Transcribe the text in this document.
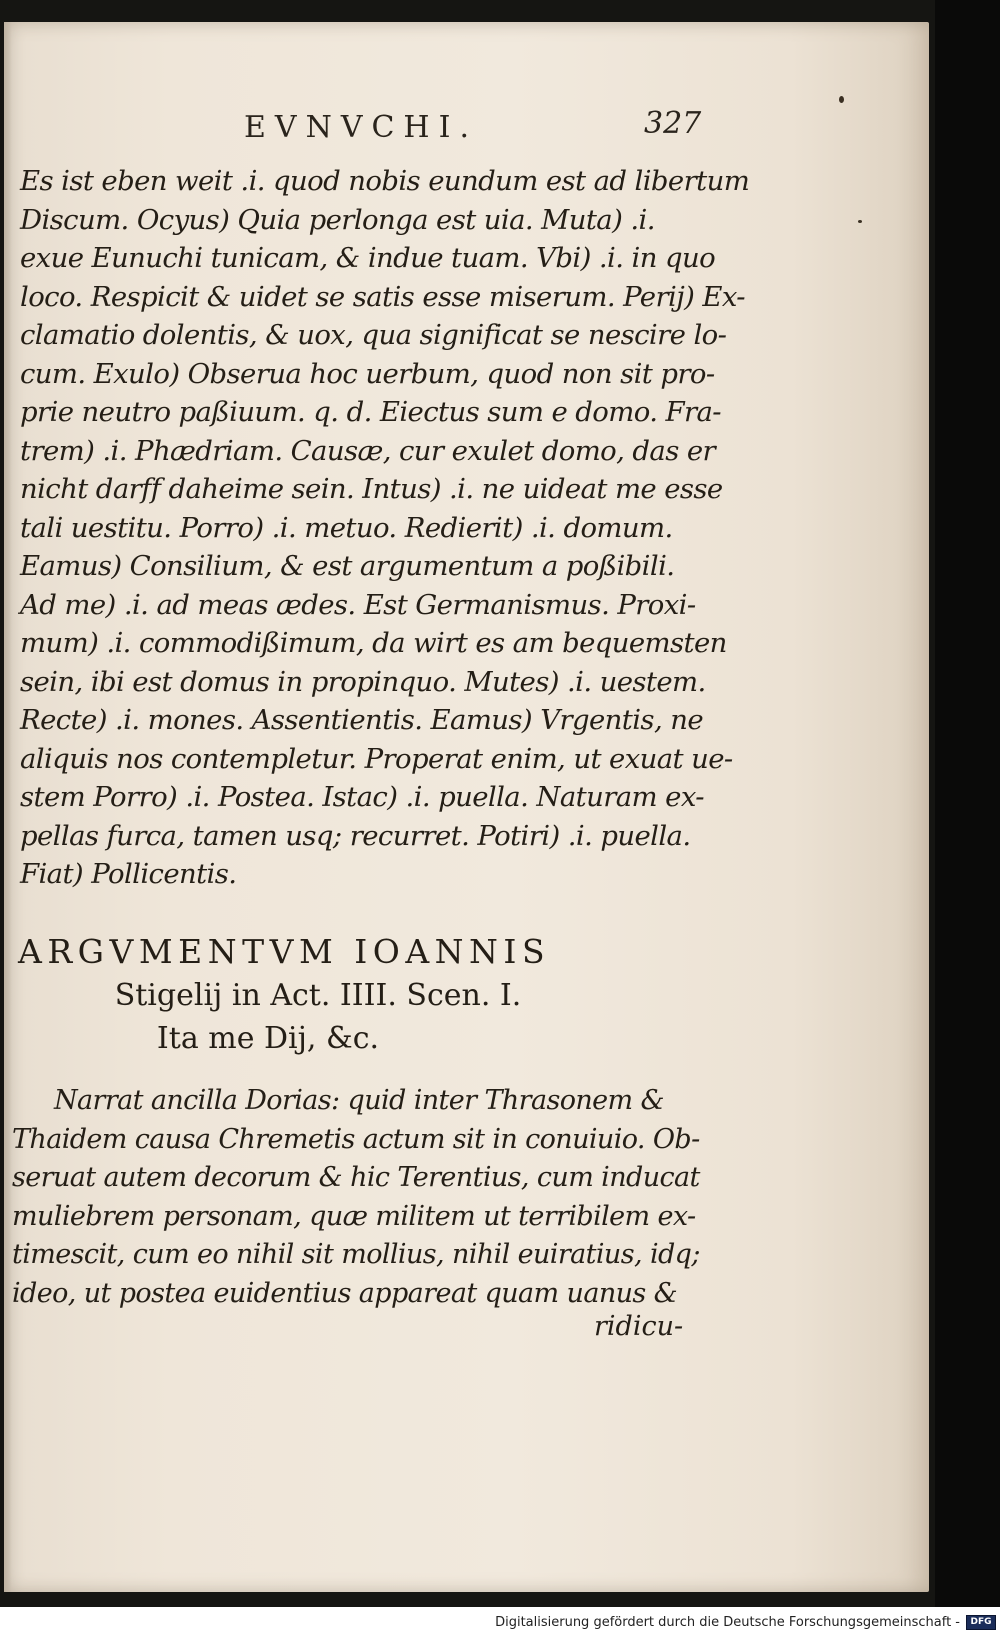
EVNVCHI.	327
Es ist eben weit .i. quod nobis eundum est ad libertum
Discum. Ocyus) Quia perlonga est uia. Muta) .i.
exue Eunuchi tunicam, & indue tuam. Vbi) .i. in quo
loco. Respicit & uidet se satis esse miserum. Perij) Ex-
clamatio dolentis, & uox, qua significat se nescire lo-
cum. Exulo) Obserua hoc uerbum, quod non sit pro-
prie neutro paßiuum. q. d. Eiectus sum e domo. Fra-
trem) .i. Phædriam. Causæ, cur exulet domo, das er
nicht darff daheime sein. Intus) .i. ne uideat me esse
tali uestitu. Porro) .i. metuo. Redierit) .i. domum.
Eamus) Consilium, & est argumentum a poßibili.
Ad me) .i. ad meas ædes. Est Germanismus. Proxi-
mum) .i. commodißimum, da wirt es am bequemsten
sein, ibi est domus in propinquo. Mutes) .i. uestem.
Recte) .i. mones. Assentientis. Eamus) Vrgentis, ne
aliquis nos contempletur. Properat enim, ut exuat ue-
stem Porro) .i. Postea. Istac) .i. puella. Naturam ex-
pellas furca, tamen usq; recurret. Potiri) .i. puella.
Fiat) Pollicentis.
ARGVMENTVM IOANNIS
Stigelij in Act. IIII. Scen. I.
Ita me Dij, &c.
Narrat ancilla Dorias: quid inter Thrasonem &
Thaidem causa Chremetis actum sit in conuiuio. Ob-
seruat autem decorum & hic Terentius, cum inducat
muliebrem personam, quæ militem ut terribilem ex-
timescit, cum eo nihil sit mollius, nihil euiratius, idq;
ideo, ut postea euidentius appareat quam uanus &
ridicu-
Digitalisierung gefördert durch die Deutsche Forschungsgemeinschaft -	DFG
